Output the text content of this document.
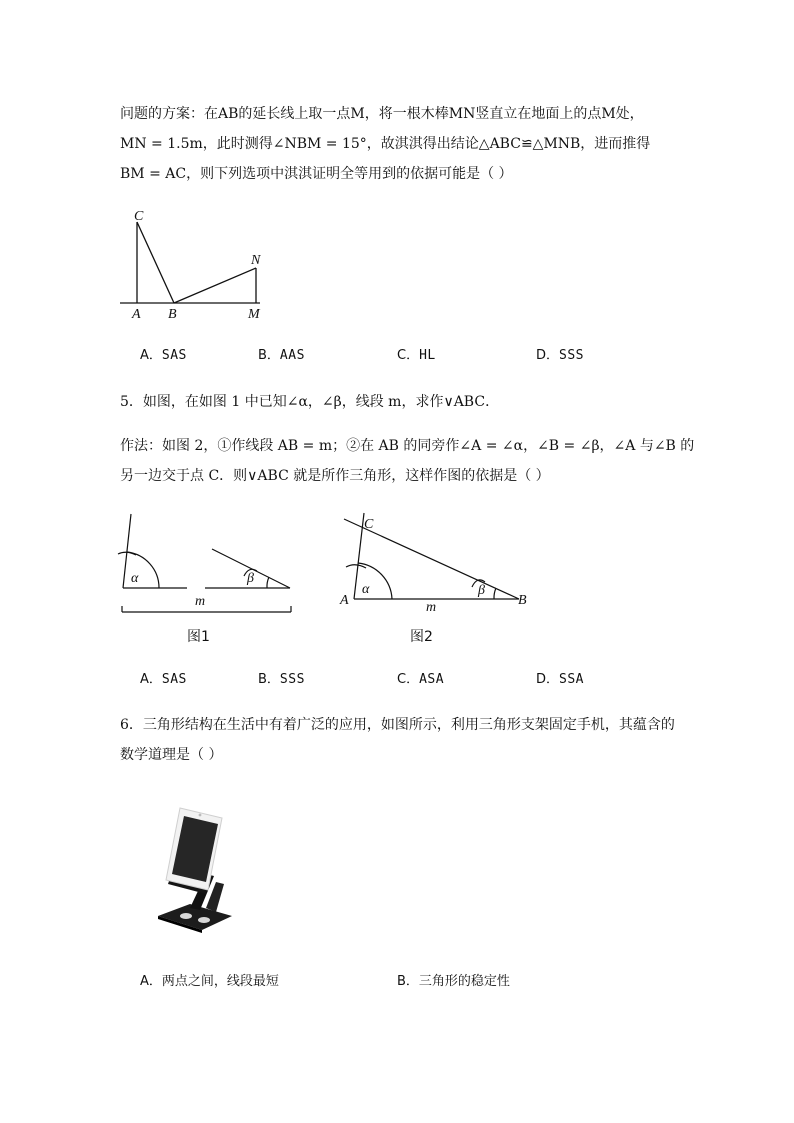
问题的方案：在AB的延长线上取一点M，将一根木棒MN竖直立在地面上的点M处，
MN = 1.5m，此时测得∠NBM = 15°，故淇淇得出结论△ABC≌△MNB，进而推得
BM = AC，则下列选项中淇淇证明全等用到的依据可能是（ ）
C
N
A B	M
A．SAS	B．AAS	C．HL	D．SSS
5．如图，在如图 1 中已知∠α，∠β，线段 m，求作∨ABC．
作法：如图 2，①作线段 AB = m；②在 AB 的同旁作∠A = ∠α，∠B = ∠β，∠A 与∠B 的
另一边交于点 C．则∨ABC 就是所作三角形，这样作图的依据是（ ）
α	β
m
图1
C
A	B
α	β
m
图2
A．SAS	B．SSS	C．ASA	D．SSA
6．三角形结构在生活中有着广泛的应用，如图所示，利用三角形支架固定手机，其蕴含的
数学道理是（ ）
A．两点之间，线段最短	B．三角形的稳定性
